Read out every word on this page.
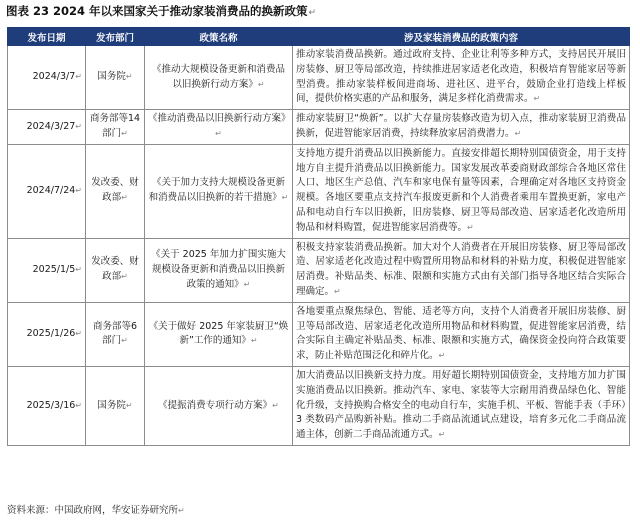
图表 23 2024 年以来国家关于推动家装消费品的换新政策↵
发布日期	发布部门	政策名称	涉及家装消费品的政策内容
2024/3/7↵	国务院↵	《推动大规模设备更新和消费品以旧换新行动方案》↵	推动家装消费品换新。通过政府支持、企业让利等多种方式，支持居民开展旧房装修、厨卫等局部改造，持续推进居家适老化改造，积极培育智能家居等新型消费。推动家装样板间进商场、进社区、进平台，鼓励企业打造线上样板间，提供价格实惠的产品和服务，满足多样化消费需求。↵
2024/3/27↵	商务部等14部门↵	《推动消费品以旧换新行动方案》↵	推动家装厨卫“焕新”。以扩大存量房装修改造为切入点，推动家装厨卫消费品换新，促进智能家居消费，持续释放家居消费潜力。↵
2024/7/24↵	发改委、财政部↵	《关于加力支持大规模设备更新和消费品以旧换新的若干措施》↵	支持地方提升消费品以旧换新能力。直接安排超长期特别国债资金，用于支持地方自主提升消费品以旧换新能力。国家发展改革委商财政部综合各地区常住人口、地区生产总值、汽车和家电保有量等因素，合理确定对各地区支持资金规模。各地区要重点支持汽车报废更新和个人消费者乘用车置换更新，家电产品和电动自行车以旧换新，旧房装修、厨卫等局部改造、居家适老化改造所用物品和材料购置，促进智能家居消费等。↵
2025/1/5↵	发改委、财政部↵	《关于 2025 年加力扩围实施大规模设备更新和消费品以旧换新政策的通知》↵	积极支持家装消费品换新。加大对个人消费者在开展旧房装修、厨卫等局部改造、居家适老化改造过程中购置所用物品和材料的补贴力度，积极促进智能家居消费。补贴品类、标准、限额和实施方式由有关部门指导各地区结合实际合理确定。↵
2025/1/26↵	商务部等6部门↵	《关于做好 2025 年家装厨卫“焕新”工作的通知》↵	各地要重点聚焦绿色、智能、适老等方向，支持个人消费者开展旧房装修、厨卫等局部改造、居家适老化改造所用物品和材料购置，促进智能家居消费，结合实际自主确定补贴品类、标准、限额和实施方式，确保资金投向符合政策要求，防止补贴范围泛化和碎片化。↵
2025/3/16↵	国务院↵	《提振消费专项行动方案》↵	加大消费品以旧换新支持力度。用好超长期特别国债资金，支持地方加力扩围实施消费品以旧换新。推动汽车、家电、家装等大宗耐用消费品绿色化、智能化升级，支持换购合格安全的电动自行车，实施手机、平板、智能手表（手环）3 类数码产品购新补贴。推动二手商品流通试点建设，培育多元化二手商品流通主体，创新二手商品流通方式。↵
资料来源：中国政府网，华安证券研究所↵
